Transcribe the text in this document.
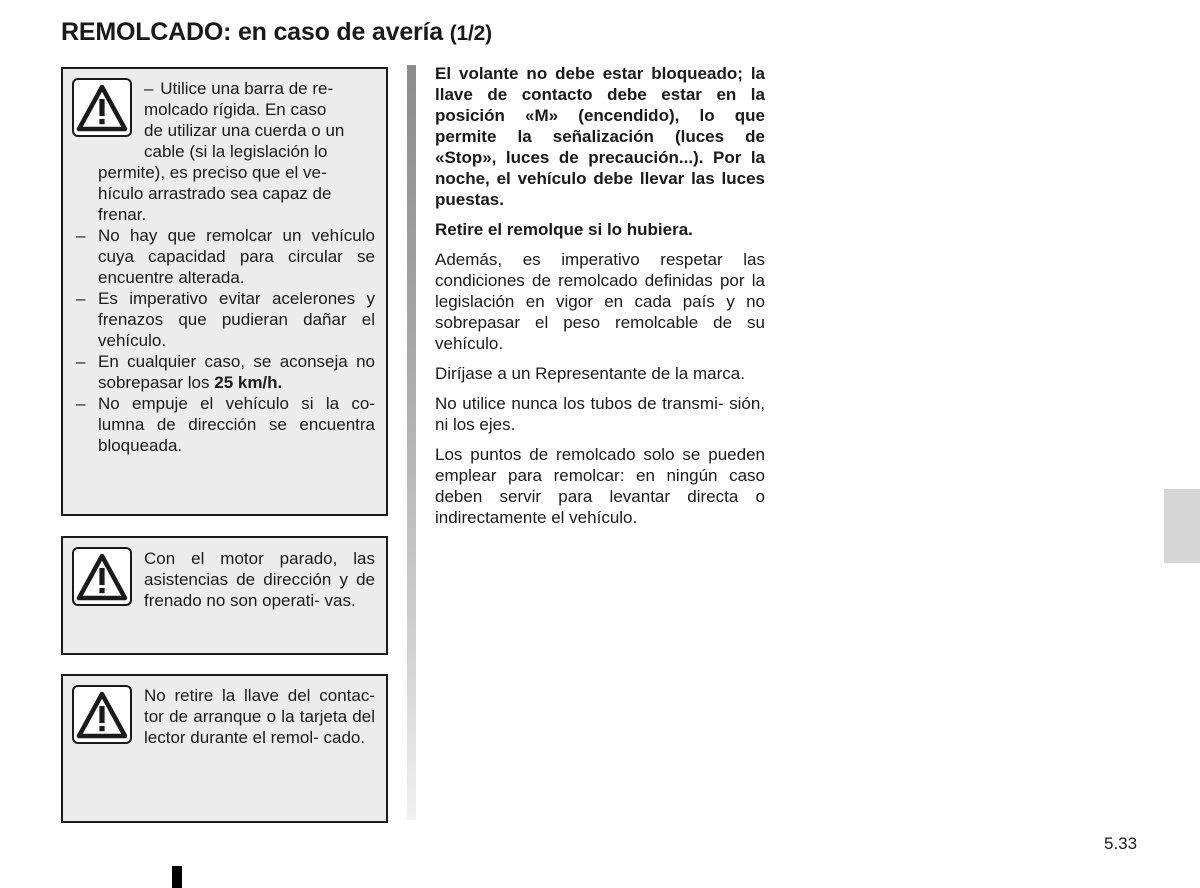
REMOLCADO: en caso de avería (1/2)
– Utilice una barra de re-
molcado rígida. En caso
de utilizar una cuerda o un
cable (si la legislación lo
permite), es preciso que el ve-
hículo arrastrado sea capaz de
frenar.
– No hay que remolcar un vehículo cuya capacidad para circular se encuentre alterada.
– Es imperativo evitar acelerones y frenazos que pudieran dañar el vehículo.
– En cualquier caso, se aconseja no sobrepasar los 25 km/h.
– No empuje el vehículo si la co- lumna de dirección se encuentra bloqueada.
Con el motor parado, las asistencias de dirección y de frenado no son operati- vas.
No retire la llave del contac- tor de arranque o la tarjeta del lector durante el remol- cado.

El volante no debe estar bloqueado; la llave de contacto debe estar en la posición «M» (encendido), lo que permite la señalización (luces de «Stop», luces de precaución...). Por la noche, el vehículo debe llevar las luces puestas.

Retire el remolque si lo hubiera.

Además, es imperativo respetar las condiciones de remolcado definidas por la legislación en vigor en cada país y no sobrepasar el peso remolcable de su vehículo.

Diríjase a un Representante de la marca.

No utilice nunca los tubos de transmi- sión, ni los ejes.

Los puntos de remolcado solo se pueden emplear para remolcar: en ningún caso deben servir para levantar directa o indirectamente el vehículo.

5.33
